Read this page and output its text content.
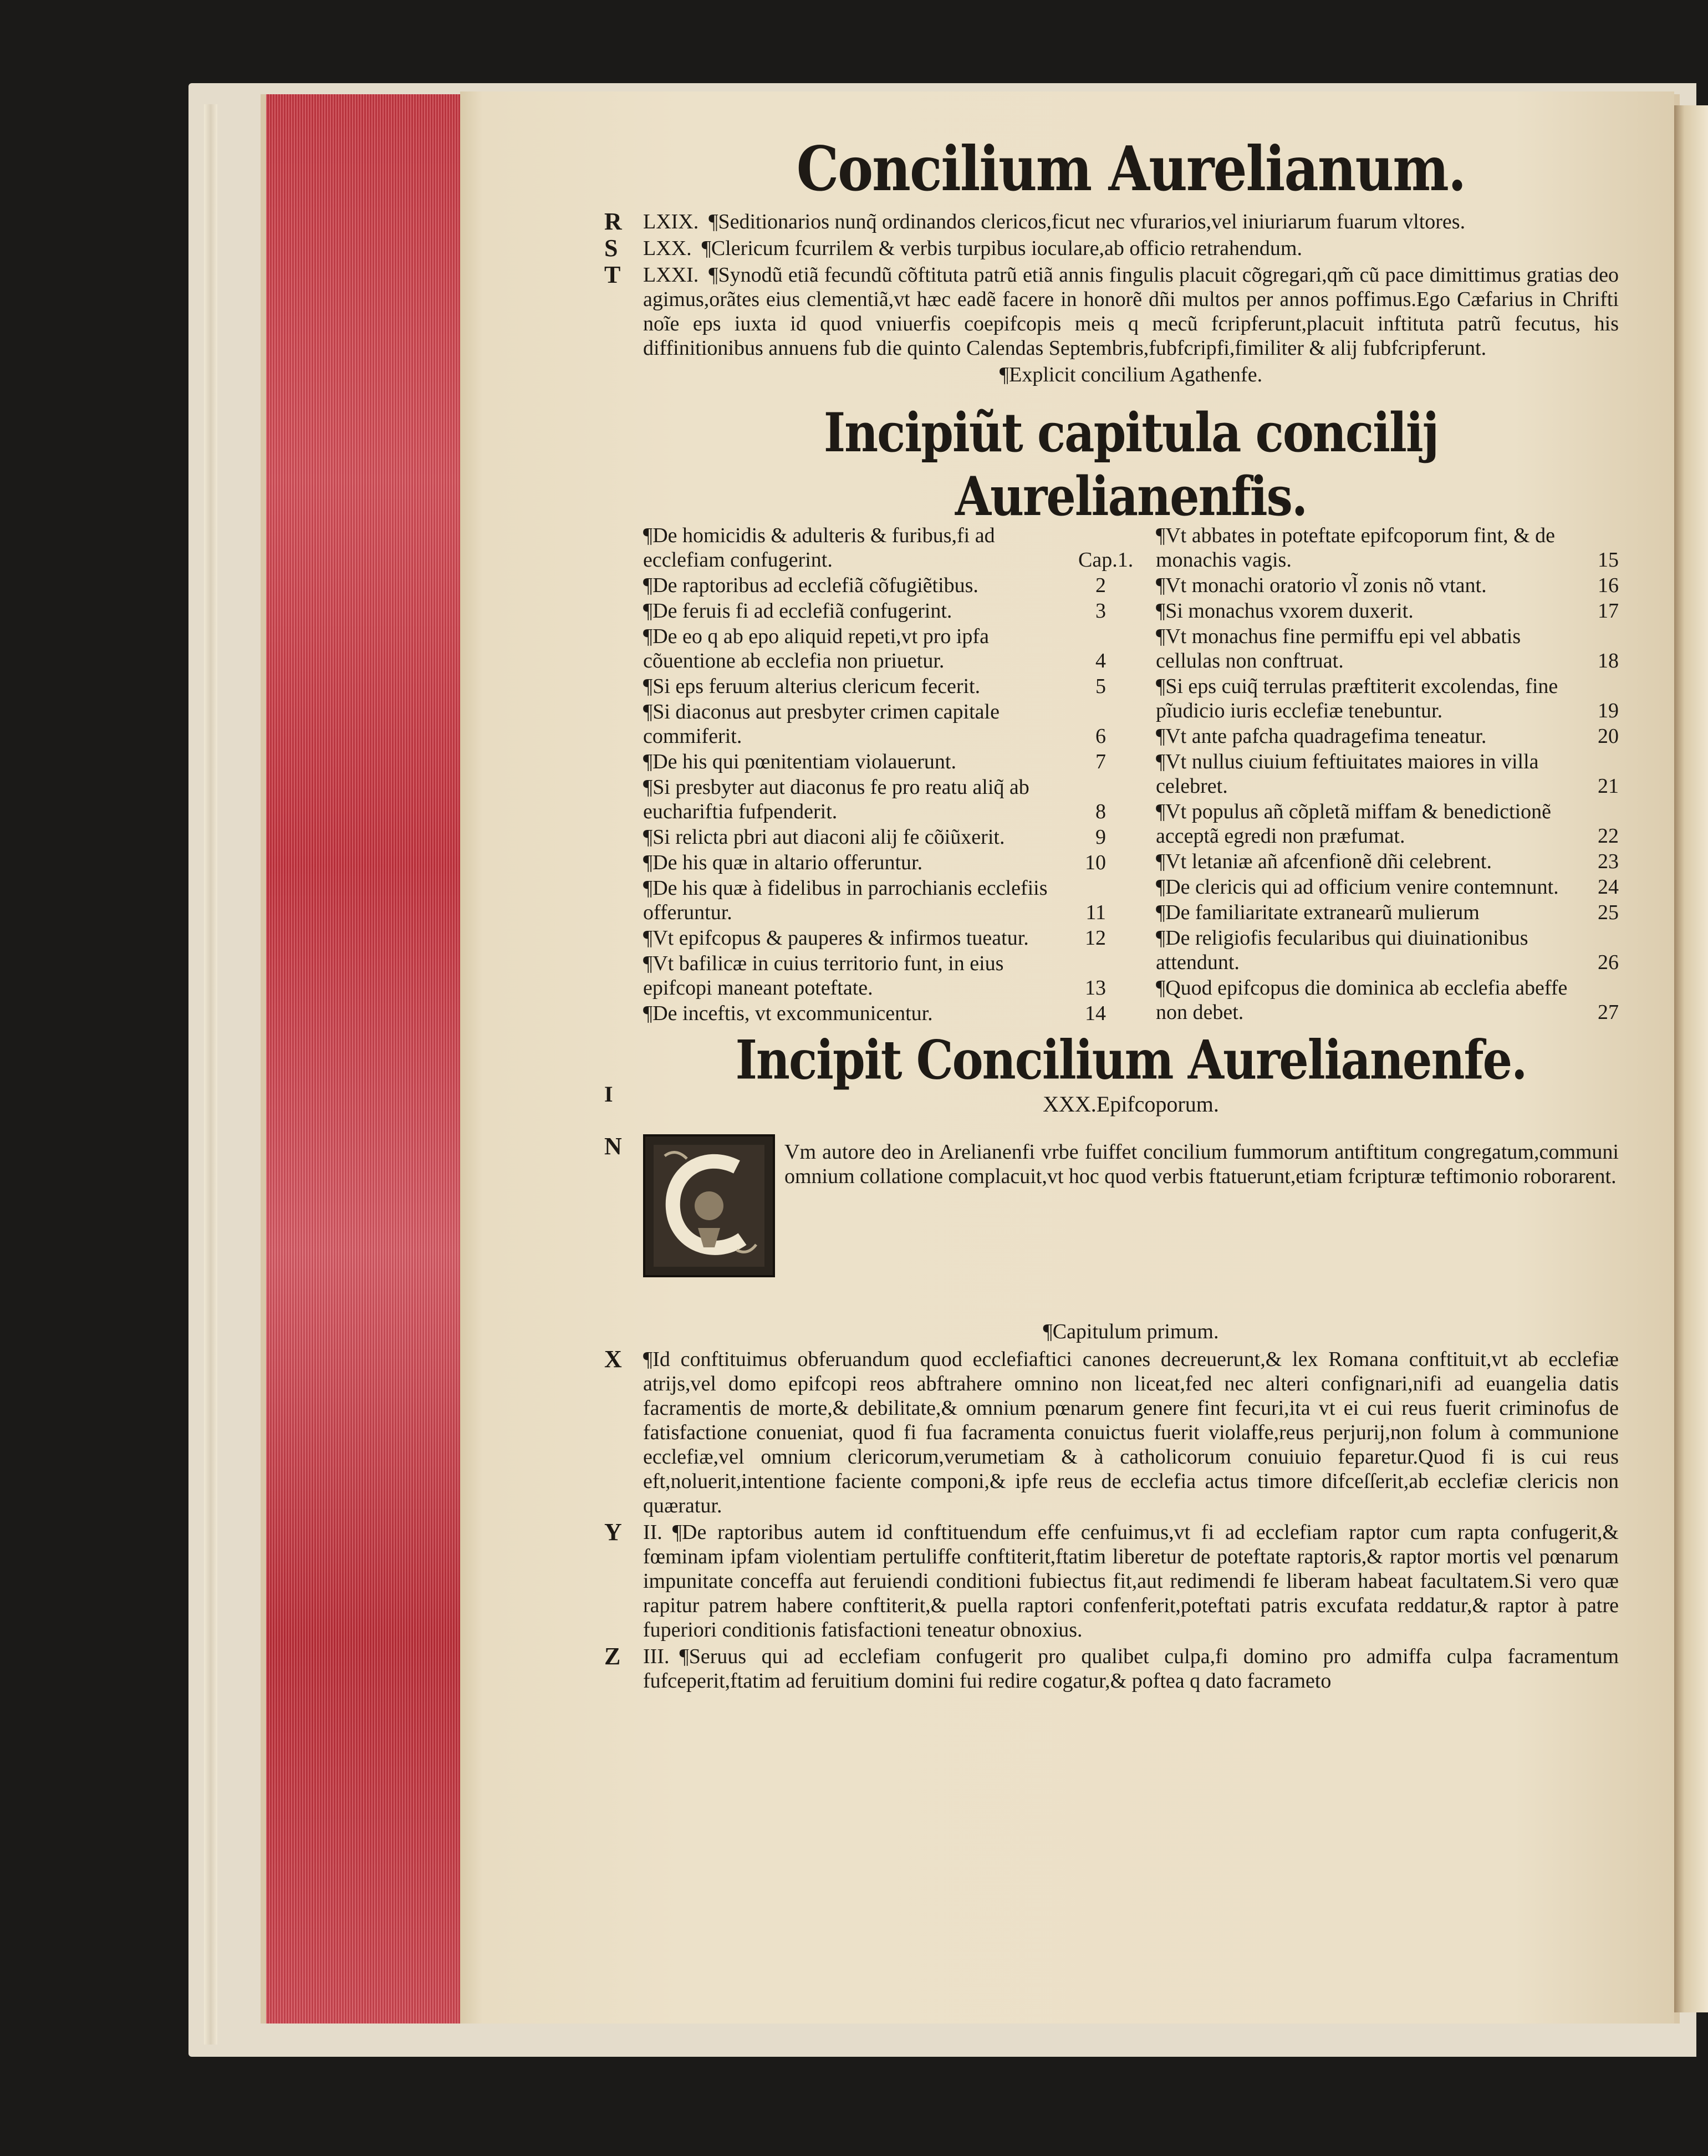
I
Concilium Aurelianum.
R LXIX. ¶Seditionarios nunq̃ ordinandos clericos,ficut nec vfurarios,vel iniuriarum fuarum vltores.
S LXX. ¶Clericum fcurrilem & verbis turpibus ioculare,ab officio retrahendum.
T LXXI. ¶Synodũ etiã fecundũ cõftituta patrũ etiã annis fingulis placuit cõgregari,qm̃ cũ pace dimittimus gratias deo agimus,orãtes eius clementiã,vt hæc eadẽ facere in honorẽ dñi multos per annos poffimus.Ego Cæfarius in Chrifti noĩe eps iuxta id quod vniuerfis coepifcopis meis q mecũ fcripferunt,placuit inftituta patrũ fecutus, his diffinitionibus annuens fub die quinto Calendas Septembris,fubfcripfi,fimiliter & alij fubfcripferunt.
¶Explicit concilium Agathenfe.
Incipiũt capitula concilij Aurelianenfis.
¶De homicidis & adulteris & furibus,fi ad ecclefiam confugerint.	Cap.1.
¶De raptoribus ad ecclefiã cõfugiẽtibus.	2
¶De feruis fi ad ecclefiã confugerint.	3
¶De eo q ab epo aliquid repeti,vt pro ipfa cõuentione ab ecclefia non priuetur.	4
¶Si eps feruum alterius clericum fecerit.	5
¶Si diaconus aut presbyter crimen capitale commiferit.	6
¶De his qui pœnitentiam violauerunt.	7
¶Si presbyter aut diaconus fe pro reatu aliq̃ ab euchariftia fufpenderit.	8
¶Si relicta pbri aut diaconi alij fe cõiũxerit.	9
¶De his quæ in altario offeruntur.	10
¶De his quæ à fidelibus in parrochianis ecclefiis offeruntur.	11
¶Vt epifcopus & pauperes & infirmos tueatur.	12
¶Vt bafilicæ in cuius territorio funt, in eius epifcopi maneant poteftate.	13
¶De inceftis, vt excommunicentur.	14
¶Vt abbates in poteftate epifcoporum fint, & de monachis vagis.	15
¶Vt monachi oratorio vl̃ zonis nõ vtant.	16
¶Si monachus vxorem duxerit.	17
¶Vt monachus fine permiffu epi vel abbatis cellulas non conftruat.	18
¶Si eps cuiq̃ terrulas præftiterit excolendas, fine pĩudicio iuris ecclefiæ tenebuntur.	19
¶Vt ante pafcha quadragefima teneatur.	20
¶Vt nullus ciuium feftiuitates maiores in villa celebret.	21
¶Vt populus añ cõpletã miffam & benedictionẽ acceptã egredi non præfumat.	22
¶Vt letaniæ añ afcenfionẽ dñi celebrent.	23
¶De clericis qui ad officium venire contemnunt.	24
¶De familiaritate extranearũ mulierum	25
¶De religiofis fecularibus qui diuinationibus attendunt.	26
¶Quod epifcopus die dominica ab ecclefia abeffe non debet.	27
Incipit Concilium Aurelianenfe.
XXX.Epifcoporum.
N	Vm autore deo in Arelianenfi vrbe fuiffet concilium fummorum antiftitum congregatum,communi omnium collatione complacuit,vt hoc quod verbis ftatuerunt,etiam fcripturæ teftimonio roborarent.
¶Capitulum primum.
X ¶Id conftituimus obferuandum quod ecclefiaftici canones decreuerunt,& lex Romana conftituit,vt ab ecclefiæ atrijs,vel domo epifcopi reos abftrahere omnino non liceat,fed nec alteri confignari,nifi ad euangelia datis facramentis de morte,& debilitate,& omnium pœnarum genere fint fecuri,ita vt ei cui reus fuerit criminofus de fatisfactione conueniat, quod fi fua facramenta conuictus fuerit violaffe,reus perjurij,non folum à communione ecclefiæ,vel omnium clericorum,verumetiam & à catholicorum conuiuio feparetur.Quod fi is cui reus eft,noluerit,intentione faciente componi,& ipfe reus de ecclefia actus timore difceſſerit,ab ecclefiæ clericis non quæratur.
Y II. ¶De raptoribus autem id conftituendum effe cenfuimus,vt fi ad ecclefiam raptor cum rapta confugerit,& fœminam ipfam violentiam pertuliffe conftiterit,ftatim liberetur de poteftate raptoris,& raptor mortis vel pœnarum impunitate conceffa aut feruiendi conditioni fubiectus fit,aut redimendi fe liberam habeat facultatem.Si vero quæ rapitur patrem habere conftiterit,& puella raptori confenferit,poteftati patris excufata reddatur,& raptor à patre fuperiori conditionis fatisfactioni teneatur obnoxius.
Z III. ¶Seruus qui ad ecclefiam confugerit pro qualibet culpa,fi domino pro admiffa culpa facramentum fufceperit,ftatim ad feruitium domini fui redire cogatur,& poftea q dato facrameto
